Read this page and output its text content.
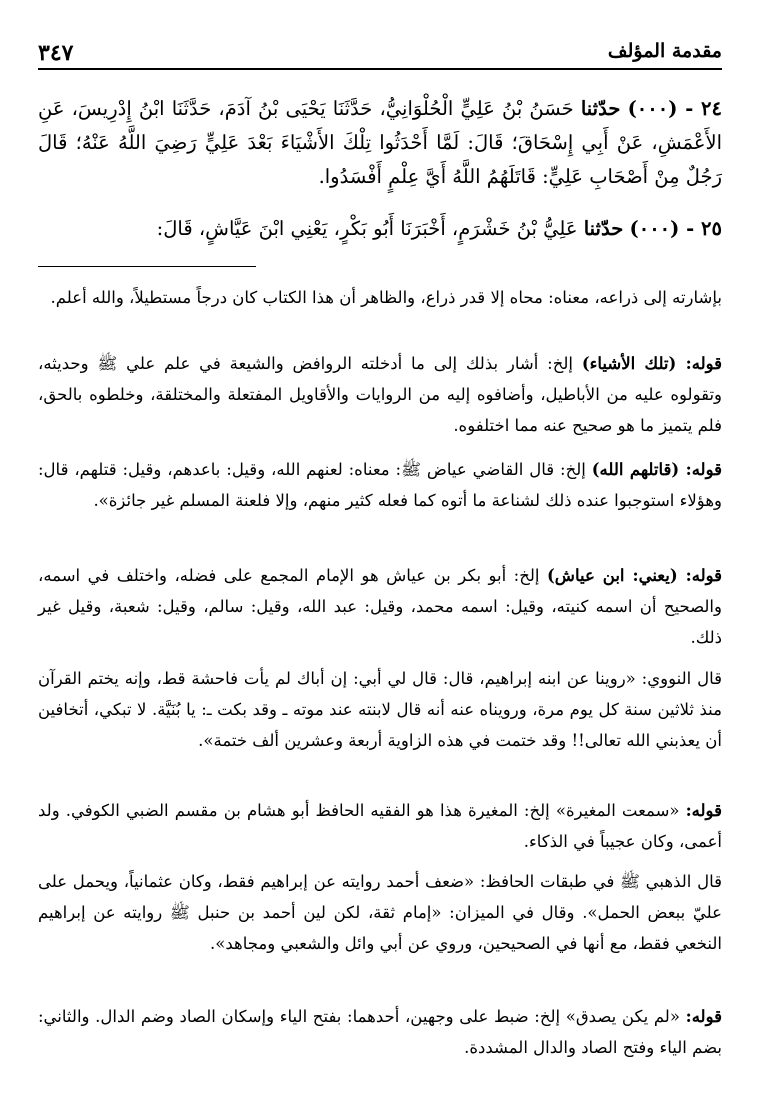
مقدمة المؤلف
٣٤٧
٢٤ - (٠٠٠) حدّثنا حَسَنُ بْنُ عَلِيٍّ الْحُلْوَانِيُّ، حَدَّثَنَا يَحْيَى بْنُ آدَمَ، حَدَّثَنَا ابْنُ إِدْرِيسَ، عَنِ الأَعْمَشِ، عَنْ أَبِي إِسْحَاقَ؛ قَالَ: لَمَّا أَحْدَثُوا تِلْكَ الأَشْيَاءَ بَعْدَ عَلِيٍّ رَضِيَ اللَّهُ عَنْهُ؛ قَالَ رَجُلٌ مِنْ أَصْحَابِ عَلِيٍّ: قَاتَلَهُمُ اللَّهُ أَيَّ عِلْمٍ أَفْسَدُوا.
٢٥ - (٠٠٠) حدّثنا عَلِيُّ بْنُ خَشْرَمٍ، أَخْبَرَنَا أَبُو بَكْرٍ، يَعْنِي ابْنَ عَيَّاشٍ، قَالَ:
بإشارته إلى ذراعه، معناه: محاه إلا قدر ذراع، والظاهر أن هذا الكتاب كان درجاً مستطيلاً، والله أعلم.
قوله: (تلك الأشياء) إلخ: أشار بذلك إلى ما أدخلته الروافض والشيعة في علم علي ﷺ وحديثه، وتقولوه عليه من الأباطيل، وأضافوه إليه من الروايات والأقاويل المفتعلة والمختلقة، وخلطوه بالحق، فلم يتميز ما هو صحيح عنه مما اختلفوه.
قوله: (قاتلهم الله) إلخ: قال القاضي عياض ﷺ: معناه: لعنهم الله، وقيل: باعدهم، وقيل: قتلهم، قال: وهؤلاء استوجبوا عنده ذلك لشناعة ما أتوه كما فعله كثير منهم، وإلا فلعنة المسلم غير جائزة».
قوله: (يعني: ابن عياش) إلخ: أبو بكر بن عياش هو الإمام المجمع على فضله، واختلف في اسمه، والصحيح أن اسمه كنيته، وقيل: اسمه محمد، وقيل: عبد الله، وقيل: سالم، وقيل: شعبة، وقيل غير ذلك.
قال النووي: «روينا عن ابنه إبراهيم، قال: قال لي أبي: إن أباك لم يأت فاحشة قط، وإنه يختم القرآن منذ ثلاثين سنة كل يوم مرة، ورويناه عنه أنه قال لابنته عند موته ـ وقد بكت ـ: يا بُنَيَّة. لا تبكي، أتخافين أن يعذبني الله تعالى!! وقد ختمت في هذه الزاوية أربعة وعشرين ألف ختمة».
قوله: «سمعت المغيرة» إلخ: المغيرة هذا هو الفقيه الحافظ أبو هشام بن مقسم الضبي الكوفي. ولد أعمى، وكان عجيباً في الذكاء.
قال الذهبي ﷺ في طبقات الحافظ: «ضعف أحمد روايته عن إبراهيم فقط، وكان عثمانياً، ويحمل على عليّ ببعض الحمل». وقال في الميزان: «إمام ثقة، لكن لين أحمد بن حنبل ﷺ روايته عن إبراهيم النخعي فقط، مع أنها في الصحيحين، وروي عن أبي وائل والشعبي ومجاهد».
قوله: «لم يكن يصدق» إلخ: ضبط على وجهين، أحدهما: بفتح الياء وإسكان الصاد وضم الدال. والثاني: بضم الياء وفتح الصاد والدال المشددة.
